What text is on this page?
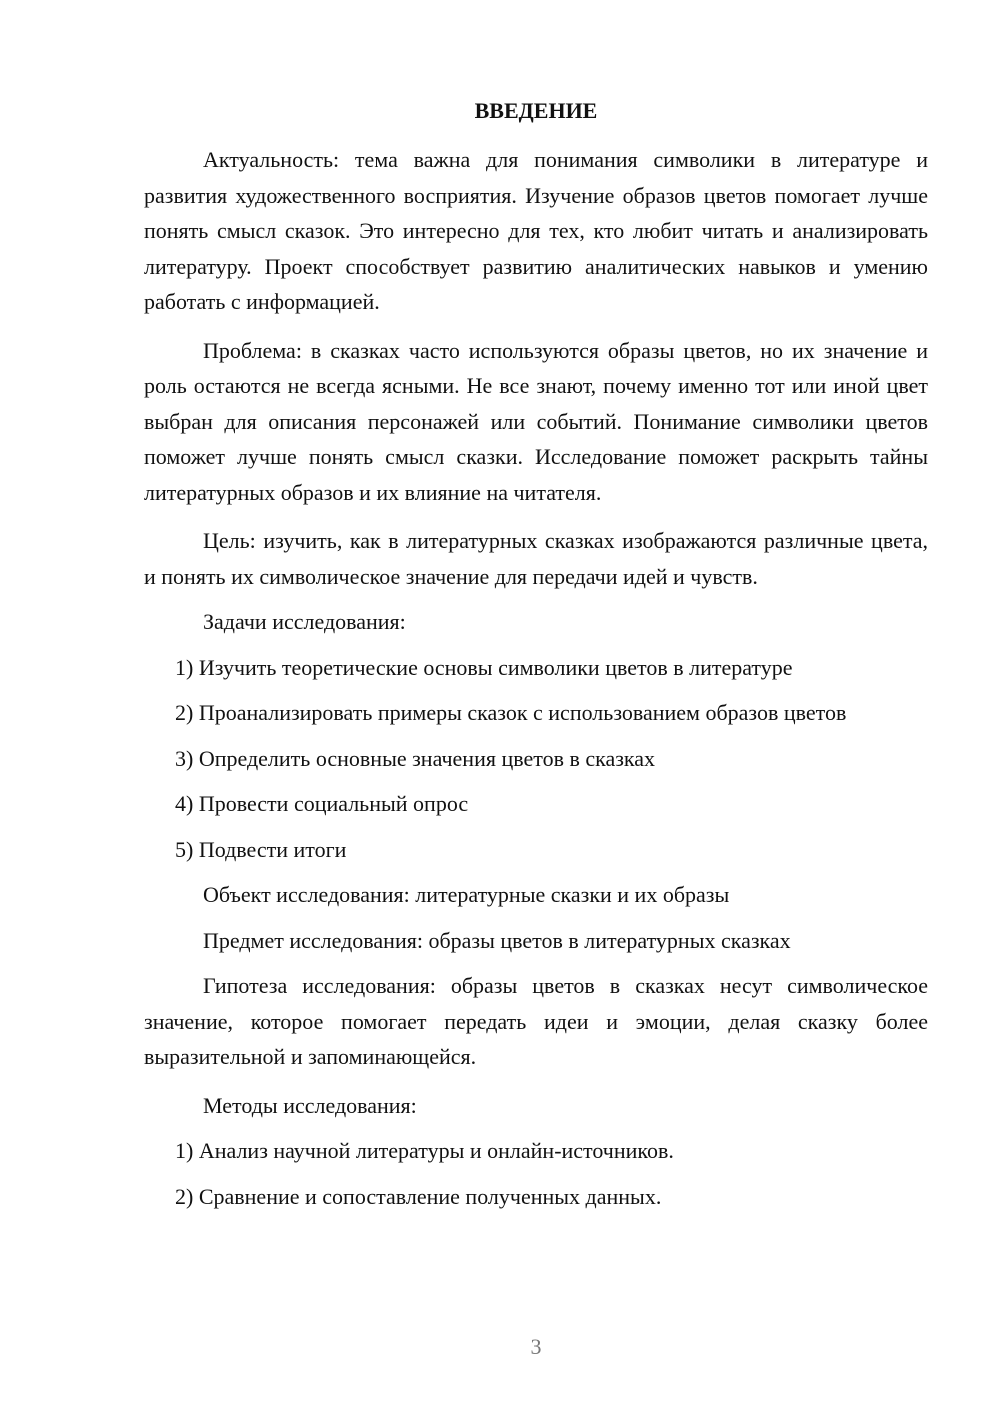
ВВЕДЕНИЕ

Актуальность: тема важна для понимания символики в литературе и развития художественного восприятия. Изучение образов цветов помогает лучше понять смысл сказок. Это интересно для тех, кто любит читать и анализировать литературу. Проект способствует развитию аналитических навыков и умению работать с информацией.

Проблема: в сказках часто используются образы цветов, но их значение и роль остаются не всегда ясными. Не все знают, почему именно тот или иной цвет выбран для описания персонажей или событий. Понимание символики цветов поможет лучше понять смысл сказки. Исследование поможет раскрыть тайны литературных образов и их влияние на читателя.

Цель: изучить, как в литературных сказках изображаются различные цвета, и понять их символическое значение для передачи идей и чувств.

Задачи исследования:

1) Изучить теоретические основы символики цветов в литературе

2) Проанализировать примеры сказок с использованием образов цветов

3) Определить основные значения цветов в сказках

4) Провести социальный опрос

5) Подвести итоги

Объект исследования: литературные сказки и их образы

Предмет исследования: образы цветов в литературных сказках

Гипотеза исследования: образы цветов в сказках несут символическое значение, которое помогает передать идеи и эмоции, делая сказку более выразительной и запоминающейся.

Методы исследования:

1) Анализ научной литературы и онлайн-источников.

2) Сравнение и сопоставление полученных данных.

3
